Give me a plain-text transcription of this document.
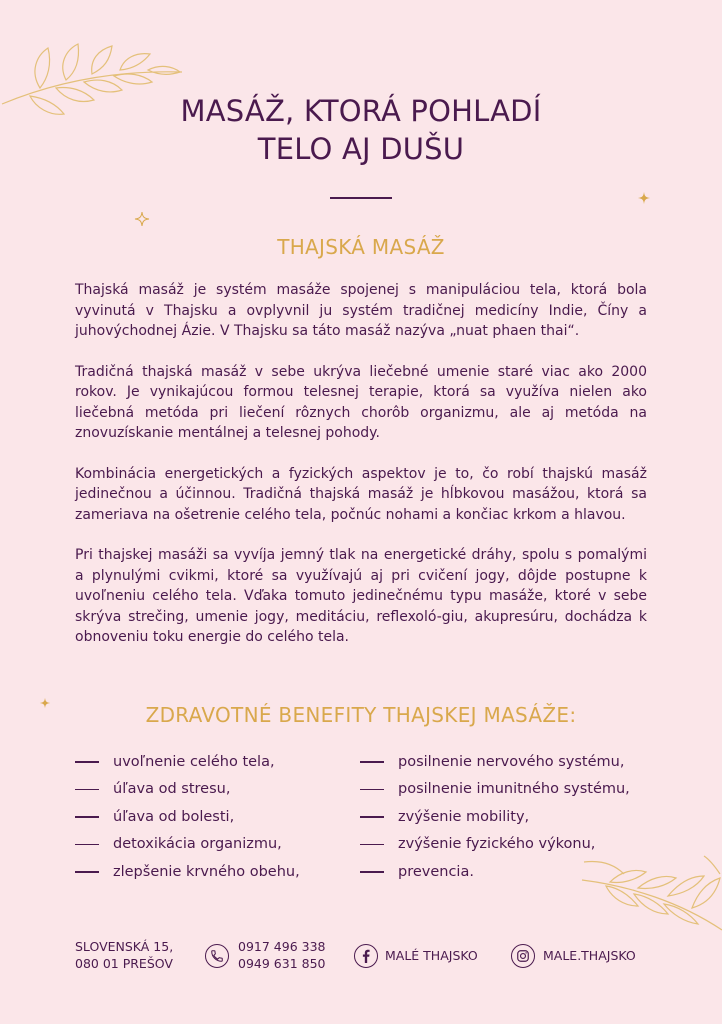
MASÁŽ, KTORÁ POHLADÍ
TELO AJ DUŠU
THAJSKÁ MASÁŽ

Thajská masáž je systém masáže spojenej s manipuláciou tela, ktorá bola vyvinutá v Thajsku a ovplyvnil ju systém tradičnej medicíny Indie, Číny a juhovýchodnej Ázie. V Thajsku sa táto masáž nazýva „nuat phaen thai“.

Tradičná thajská masáž v sebe ukrýva liečebné umenie staré viac ako 2000 rokov. Je vynikajúcou formou telesnej terapie, ktorá sa využíva nielen ako liečebná metóda pri liečení rôznych chorôb organizmu, ale aj metóda na znovuzískanie mentálnej a telesnej pohody.

Kombinácia energetických a fyzických aspektov je to, čo robí thajskú masáž jedinečnou a účinnou. Tradičná thajská masáž je hĺbkovou masážou, ktorá sa zameriava na ošetrenie celého tela, počnúc nohami a končiac krkom a hlavou.

Pri thajskej masáži sa vyvíja jemný tlak na energetické dráhy, spolu s pomalými a plynulými cvikmi, ktoré sa využívajú aj pri cvičení jogy, dôjde postupne k uvoľneniu celého tela. Vďaka tomuto jedinečnému typu masáže, ktoré v sebe skrýva strečing, umenie jogy, meditáciu, reflexoló-giu, akupresúru, dochádza k obnoveniu toku energie do celého tela.

ZDRAVOTNÉ BENEFITY THAJSKEJ MASÁŽE:
uvoľnenie celého tela,
úľava od stresu,
úľava od bolesti,
detoxikácia organizmu,
zlepšenie krvného obehu,
posilnenie nervového systému,
posilnenie imunitného systému,
zvýšenie mobility,
zvýšenie fyzického výkonu,
prevencia.
SLOVENSKÁ 15,
080 01 PREŠOV
0917 496 338
0949 631 850
MALÉ THAJSKO	MALE.THAJSKO
